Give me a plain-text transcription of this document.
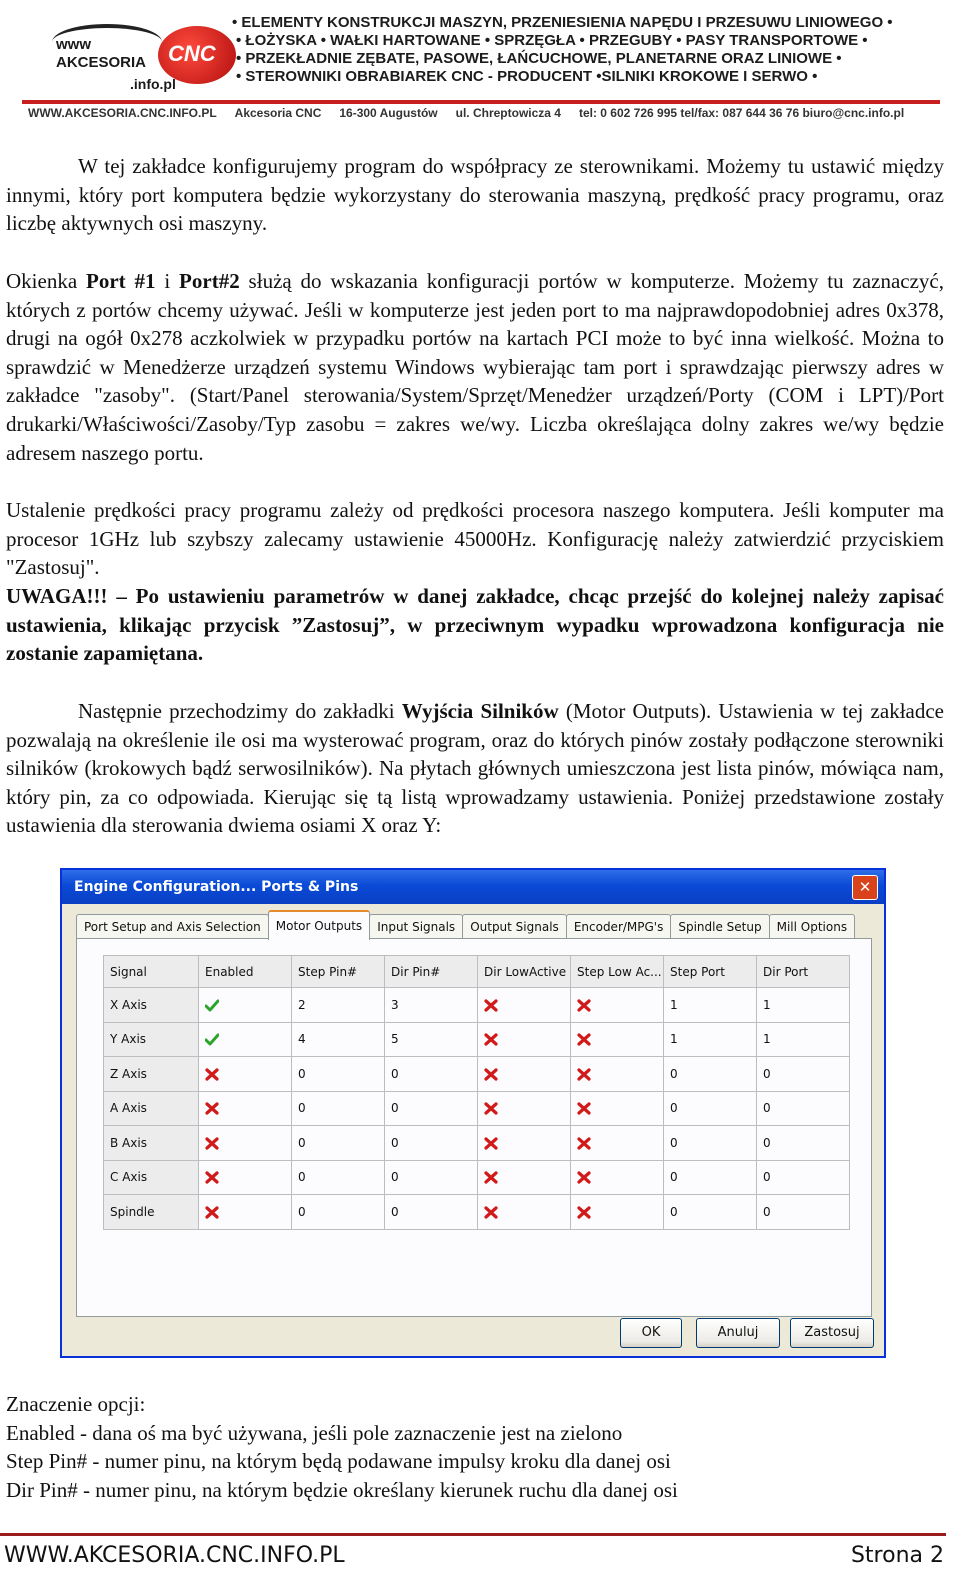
www
AKCESORIA CNC
.info.pl
• ELEMENTY KONSTRUKCJI MASZYN, PRZENIESIENIA NAPĘDU I PRZESUWU LINIOWEGO •
• ŁOŻYSKA • WAŁKI HARTOWANE • SPRZĘGŁA • PRZEGUBY • PASY TRANSPORTOWE •
• PRZEKŁADNIE ZĘBATE, PASOWE, ŁAŃCUCHOWE, PLANETARNE ORAZ LINIOWE •
• STEROWNIKI OBRABIAREK CNC - PRODUCENT •SILNIKI KROKOWE I SERWO •
WWW.AKCESORIA.CNC.INFO.PL Akcesoria CNC 16-300 Augustów ul. Chreptowicza 4 tel: 0 602 726 995 tel/fax: 087 644 36 76 biuro@cnc.info.pl
W tej zakładce konfigurujemy program do współpracy ze sterownikami. Możemy tu ustawić między innymi, który port komputera będzie wykorzystany do sterowania maszyną, prędkość pracy programu, oraz liczbę aktywnych osi maszyny.
Okienka Port #1 i Port#2 służą do wskazania konfiguracji portów w komputerze. Możemy tu zaznaczyć, których z portów chcemy używać. Jeśli w komputerze jest jeden port to ma najprawdopodobniej adres 0x378, drugi na ogół 0x278 aczkolwiek w przypadku portów na kartach PCI może to być inna wielkość. Można to sprawdzić w Menedżerze urządzeń systemu Windows wybierając tam port i sprawdzając pierwszy adres w zakładce "zasoby". (Start/Panel sterowania/System/Sprzęt/Menedżer urządzeń/Porty (COM i LPT)/Port drukarki/Właściwości/Zasoby/Typ zasobu = zakres we/wy. Liczba określająca dolny zakres we/wy będzie adresem naszego portu.
Ustalenie prędkości pracy programu zależy od prędkości procesora naszego komputera. Jeśli komputer ma procesor 1GHz lub szybszy zalecamy ustawienie 45000Hz. Konfigurację należy zatwierdzić przyciskiem "Zastosuj".
UWAGA!!! – Po ustawieniu parametrów w danej zakładce, chcąc przejść do kolejnej należy zapisać ustawienia, klikając przycisk ”Zastosuj”, w przeciwnym wypadku wprowadzona konfiguracja nie zostanie zapamiętana.
Następnie przechodzimy do zakładki Wyjścia Silników (Motor Outputs). Ustawienia w tej zakładce pozwalają na określenie ile osi ma wysterować program, oraz do których pinów zostały podłączone sterowniki silników (krokowych bądź serwosilników). Na płytach głównych umieszczona jest lista pinów, mówiąca nam, który pin, za co odpowiada. Kierując się tą listą wprowadzamy ustawienia. Poniżej przedstawione zostały ustawienia dla sterowania dwiema osiami X oraz Y:
Engine Configuration... Ports & Pins	✕
Port Setup and Axis Selection	Motor Outputs	Input Signals	Output Signals	Encoder/MPG's	Spindle Setup	Mill Options
Signal	Enabled	Step Pin#	Dir Pin#	Dir LowActive	Step Low Ac...	Step Port	Dir Port
X Axis		2	3			1	1
Y Axis		4	5			1	1
Z Axis		0	0			0	0
A Axis		0	0			0	0
B Axis		0	0			0	0
C Axis		0	0			0	0
Spindle		0	0			0	0

OK	Anuluj	Zastosuj
Znaczenie opcji:
Enabled - dana oś ma być używana, jeśli pole zaznaczenie jest na zielono
Step Pin# - numer pinu, na którym będą podawane impulsy kroku dla danej osi
Dir Pin# - numer pinu, na którym będzie określany kierunek ruchu dla danej osi
WWW.AKCESORIA.CNC.INFO.PL	Strona 2
